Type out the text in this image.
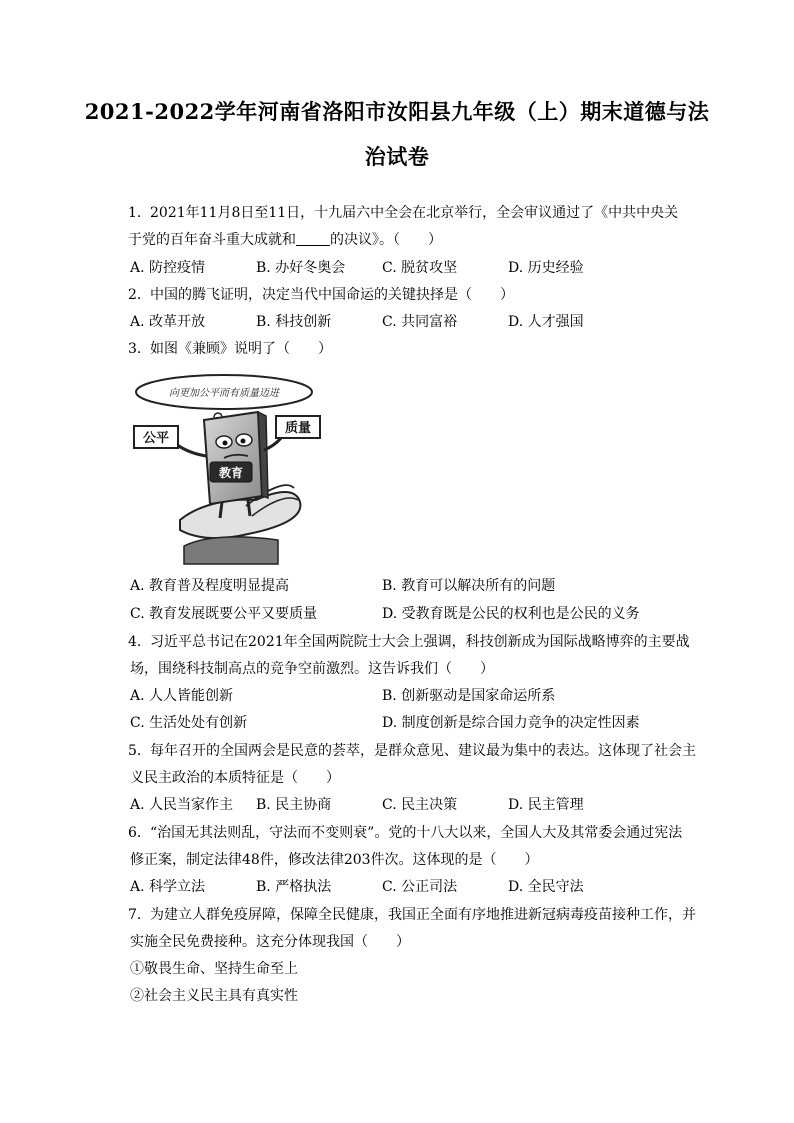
2021-2022学年河南省洛阳市汝阳县九年级（上）期末道德与法
治试卷
1. 2021年11月8日至11日，十九届六中全会在北京举行，全会审议通过了《中共中央关
于党的百年奋斗重大成就和 的决议》。（　　）
A. 防控疫情	B. 办好冬奥会	C. 脱贫攻坚	D. 历史经验
2. 中国的腾飞证明，决定当代中国命运的关键抉择是（　　）
A. 改革开放	B. 科技创新	C. 共同富裕	D. 人才强国
3. 如图《兼顾》说明了（　　）
向更加公平而有质量迈进
教育
公平
质量
A. 教育普及程度明显提高	B. 教育可以解决所有的问题
C. 教育发展既要公平又要质量	D. 受教育既是公民的权利也是公民的义务
4. 习近平总书记在2021年全国两院院士大会上强调，科技创新成为国际战略博弈的主要战
场，围绕科技制高点的竞争空前激烈。这告诉我们（　　）
A. 人人皆能创新	B. 创新驱动是国家命运所系
C. 生活处处有创新	D. 制度创新是综合国力竞争的决定性因素
5. 每年召开的全国两会是民意的荟萃，是群众意见、建议最为集中的表达。这体现了社会主
义民主政治的本质特征是（　　）
A. 人民当家作主 B. 民主协商	C. 民主决策	D. 民主管理
6. “治国无其法则乱，守法而不变则衰”。党的十八大以来，全国人大及其常委会通过宪法
修正案，制定法律48件，修改法律203件次。这体现的是（　　）
A. 科学立法	B. 严格执法	C. 公正司法	D. 全民守法
7. 为建立人群免疫屏障，保障全民健康，我国正全面有序地推进新冠病毒疫苗接种工作，并
实施全民免费接种。这充分体现我国（　　）
①敬畏生命、坚持生命至上
②社会主义民主具有真实性
